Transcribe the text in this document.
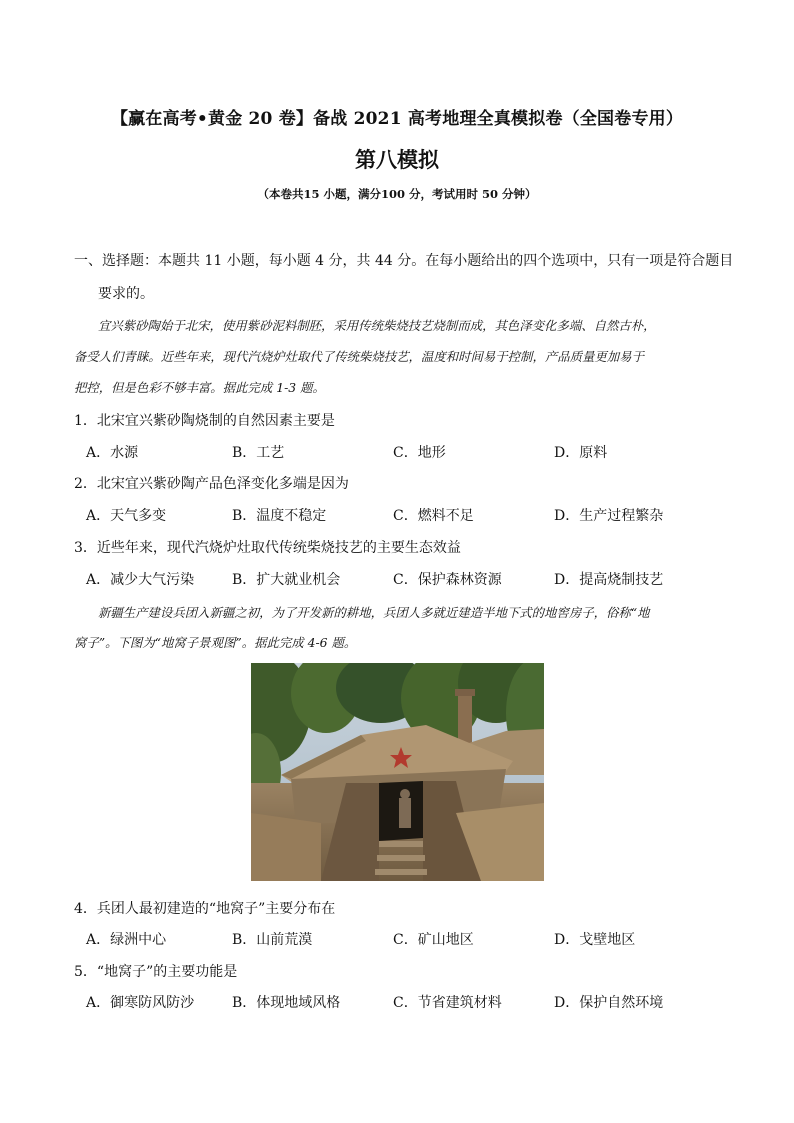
【赢在高考•黄金 20 卷】备战 2021 高考地理全真模拟卷（全国卷专用）
第八模拟
（本卷共15 小题，满分100 分，考试用时 50 分钟）
一、选择题：本题共 11 小题，每小题 4 分，共 44 分。在每小题给出的四个选项中，只有一项是符合题目
要求的。
宜兴紫砂陶始于北宋，使用紫砂泥料制胚，采用传统柴烧技艺烧制而成，其色泽变化多端、自然古朴，
备受人们青睐。近些年来，现代汽烧炉灶取代了传统柴烧技艺，温度和时间易于控制，产品质量更加易于
把控，但是色彩不够丰富。据此完成 1-3 题。
1．北宋宜兴紫砂陶烧制的自然因素主要是
A．水源	B．工艺	C．地形	D．原料
2．北宋宜兴紫砂陶产品色泽变化多端是因为
A．天气多变	B．温度不稳定	C．燃料不足	D．生产过程繁杂
3．近些年来，现代汽烧炉灶取代传统柴烧技艺的主要生态效益
A．减少大气污染	B．扩大就业机会	C．保护森林资源	D．提高烧制技艺
新疆生产建设兵团入新疆之初，为了开发新的耕地，兵团人多就近建造半地下式的地窖房子，俗称“地
窝子”。下图为“地窝子景观图”。据此完成 4-6 题。
4．兵团人最初建造的“地窝子”主要分布在
A．绿洲中心	B．山前荒漠	C．矿山地区	D．戈壁地区
5．“地窝子”的主要功能是
A．御寒防风防沙	B．体现地域风格	C．节省建筑材料	D．保护自然环境
